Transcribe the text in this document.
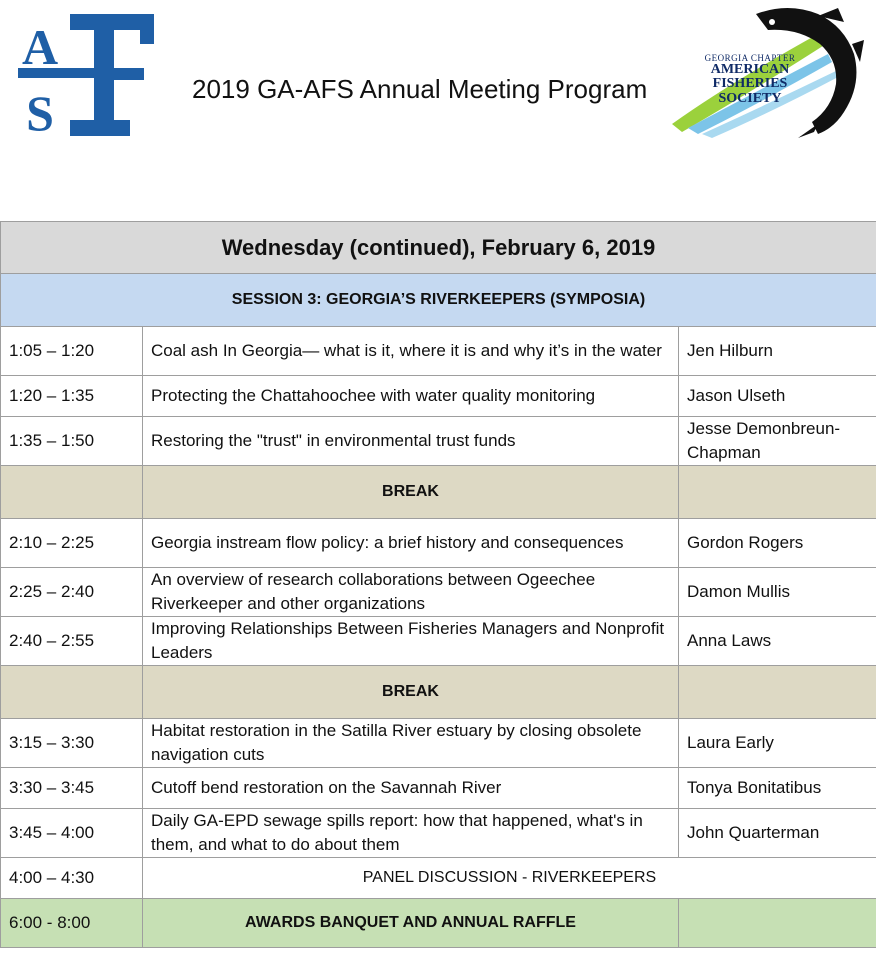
A
S	2019 GA-AFS Annual Meeting Program
GEORGIA CHAPTER
AMERICAN
FISHERIES
SOCIETY
Wednesday (continued), February 6, 2019		
SESSION 3: GEORGIA’S RIVERKEEPERS (SYMPOSIA)		
1:05 – 1:20	Coal ash In Georgia— what is it, where it is and why it’s in the water	Jen Hilburn
1:20 – 1:35	Protecting the Chattahoochee with water quality monitoring	Jason Ulseth
1:35 – 1:50	Restoring the "trust" in environmental trust funds	Jesse Demonbreun-Chapman
	BREAK	
2:10 – 2:25	Georgia instream flow policy: a brief history and consequences	Gordon Rogers
2:25 – 2:40	An overview of research collaborations between Ogeechee Riverkeeper and other organizations	Damon Mullis
2:40 – 2:55	Improving Relationships Between Fisheries Managers and Nonprofit Leaders	Anna Laws
	BREAK	
3:15 – 3:30	Habitat restoration in the Satilla River estuary by closing obsolete navigation cuts	Laura Early
3:30 – 3:45	Cutoff bend restoration on the Savannah River	Tonya Bonitatibus
3:45 – 4:00	Daily GA-EPD sewage spills report: how that happened, what's in them, and what to do about them	John Quarterman
4:00 – 4:30	PANEL DISCUSSION - RIVERKEEPERS	
6:00 - 8:00	AWARDS BANQUET AND ANNUAL RAFFLE	
